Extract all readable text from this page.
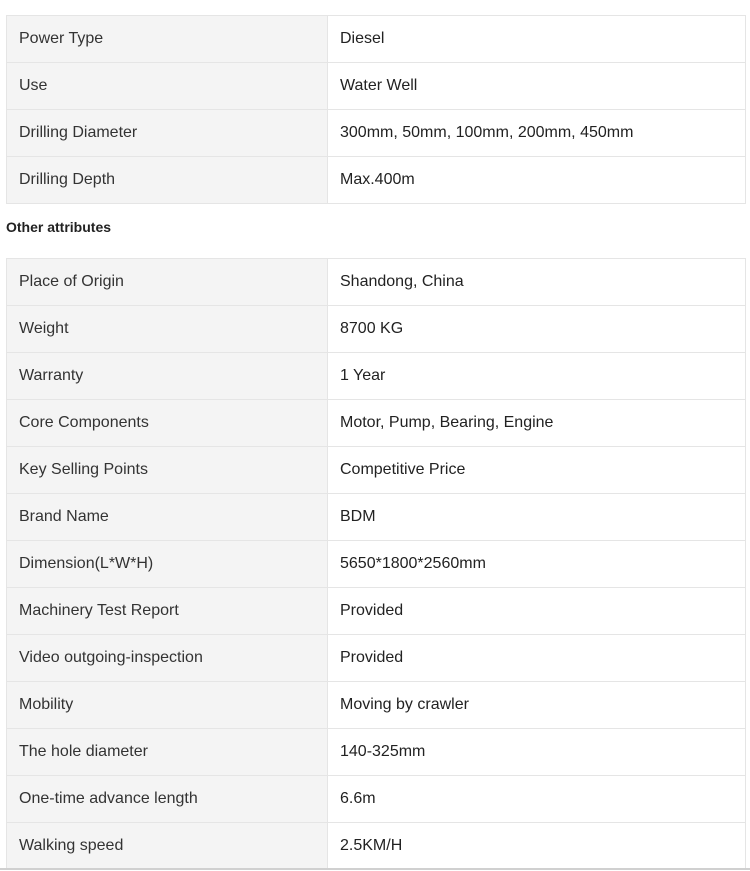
Power Type	Diesel
Use	Water Well
Drilling Diameter	300mm, 50mm, 100mm, 200mm, 450mm
Drilling Depth	Max.400m
Other attributes
Place of Origin	Shandong, China
Weight	8700 KG
Warranty	1 Year
Core Components	Motor, Pump, Bearing, Engine
Key Selling Points	Competitive Price
Brand Name	BDM
Dimension(L*W*H)	5650*1800*2560mm
Machinery Test Report	Provided
Video outgoing-inspection	Provided
Mobility	Moving by crawler
The hole diameter	140-325mm
One-time advance length	6.6m
Walking speed	2.5KM/H
